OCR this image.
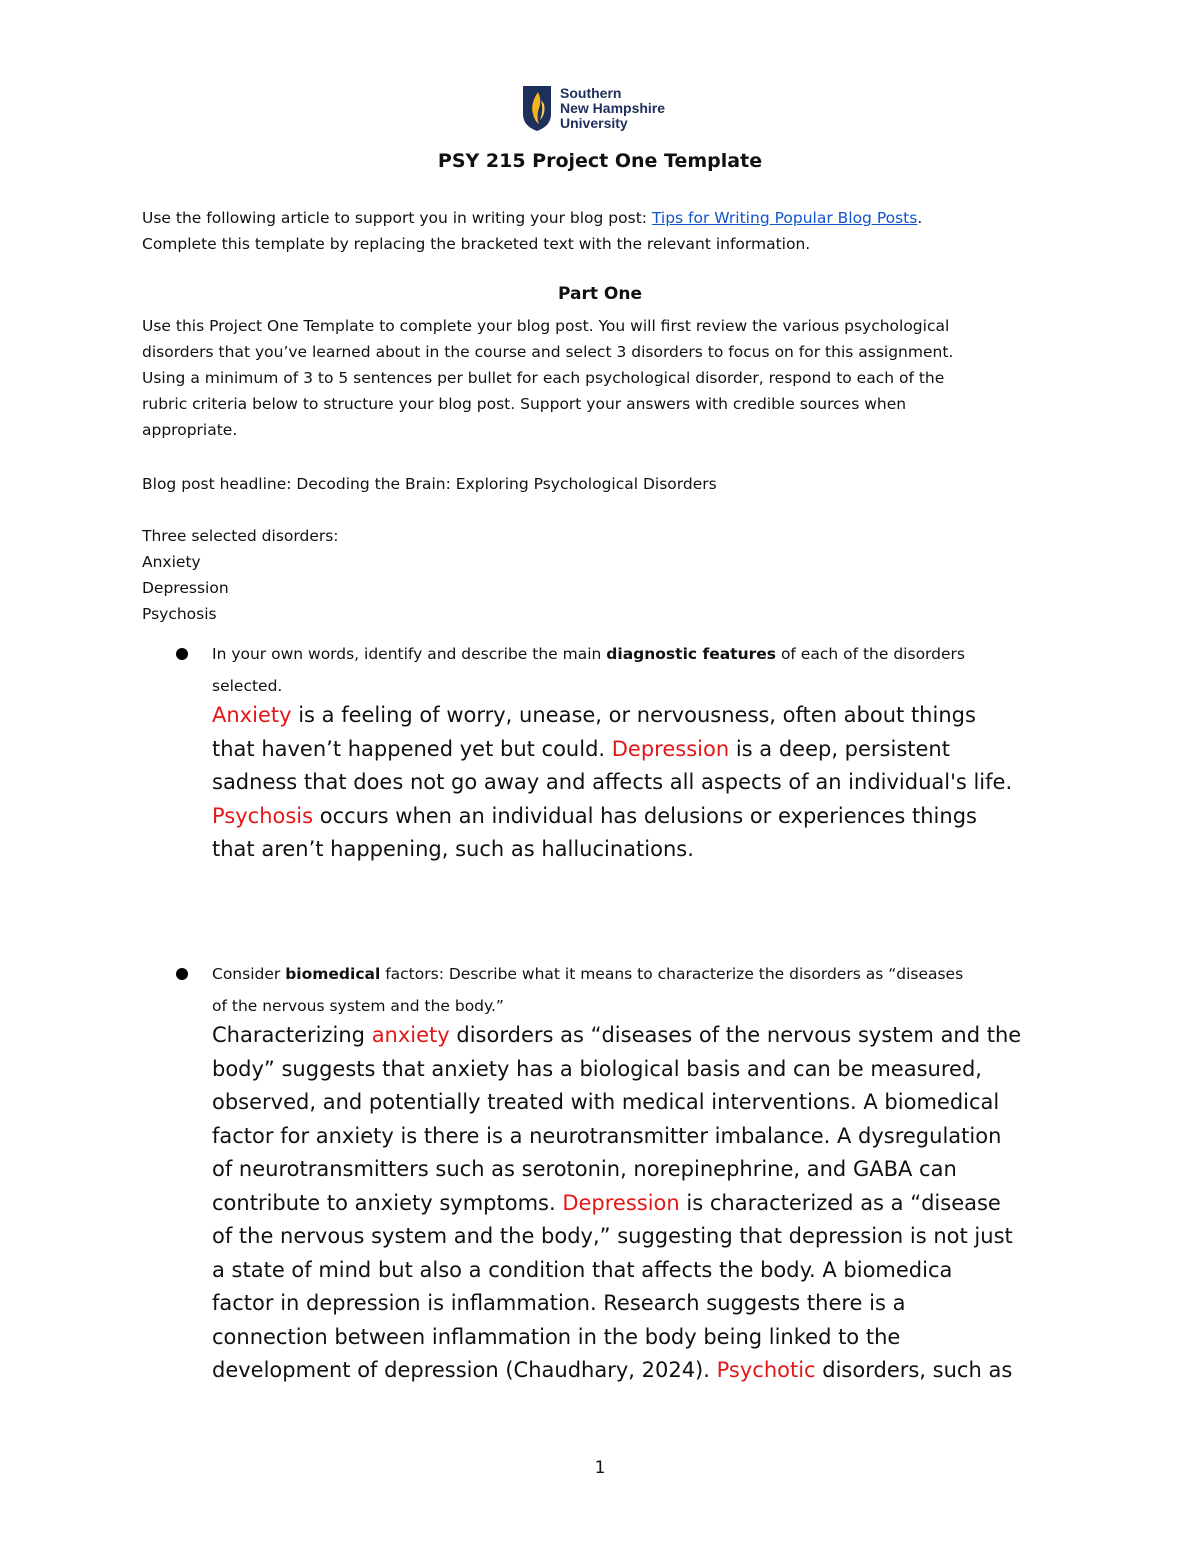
Southern
New Hampshire
University
PSY 215 Project One Template
Use the following article to support you in writing your blog post: Tips for Writing Popular Blog Posts.
Complete this template by replacing the bracketed text with the relevant information.
Part One
Use this Project One Template to complete your blog post. You will first review the various psychological
disorders that you’ve learned about in the course and select 3 disorders to focus on for this assignment.
Using a minimum of 3 to 5 sentences per bullet for each psychological disorder, respond to each of the
rubric criteria below to structure your blog post. Support your answers with credible sources when
appropriate.
Blog post headline: Decoding the Brain: Exploring Psychological Disorders
Three selected disorders:
Anxiety
Depression
Psychosis
In your own words, identify and describe the main diagnostic features of each of the disorders
selected.
Anxiety is a feeling of worry, unease, or nervousness, often about things
that haven’t happened yet but could. Depression is a deep, persistent
sadness that does not go away and affects all aspects of an individual's life.
Psychosis occurs when an individual has delusions or experiences things
that aren’t happening, such as hallucinations.
Consider biomedical factors: Describe what it means to characterize the disorders as “diseases
of the nervous system and the body.”
Characterizing anxiety disorders as “diseases of the nervous system and the
body” suggests that anxiety has a biological basis and can be measured,
observed, and potentially treated with medical interventions. A biomedical
factor for anxiety is there is a neurotransmitter imbalance. A dysregulation
of neurotransmitters such as serotonin, norepinephrine, and GABA can
contribute to anxiety symptoms. Depression is characterized as a “disease
of the nervous system and the body,” suggesting that depression is not just
a state of mind but also a condition that affects the body. A biomedica
factor in depression is inflammation. Research suggests there is a
connection between inflammation in the body being linked to the
development of depression (Chaudhary, 2024). Psychotic disorders, such as
1
